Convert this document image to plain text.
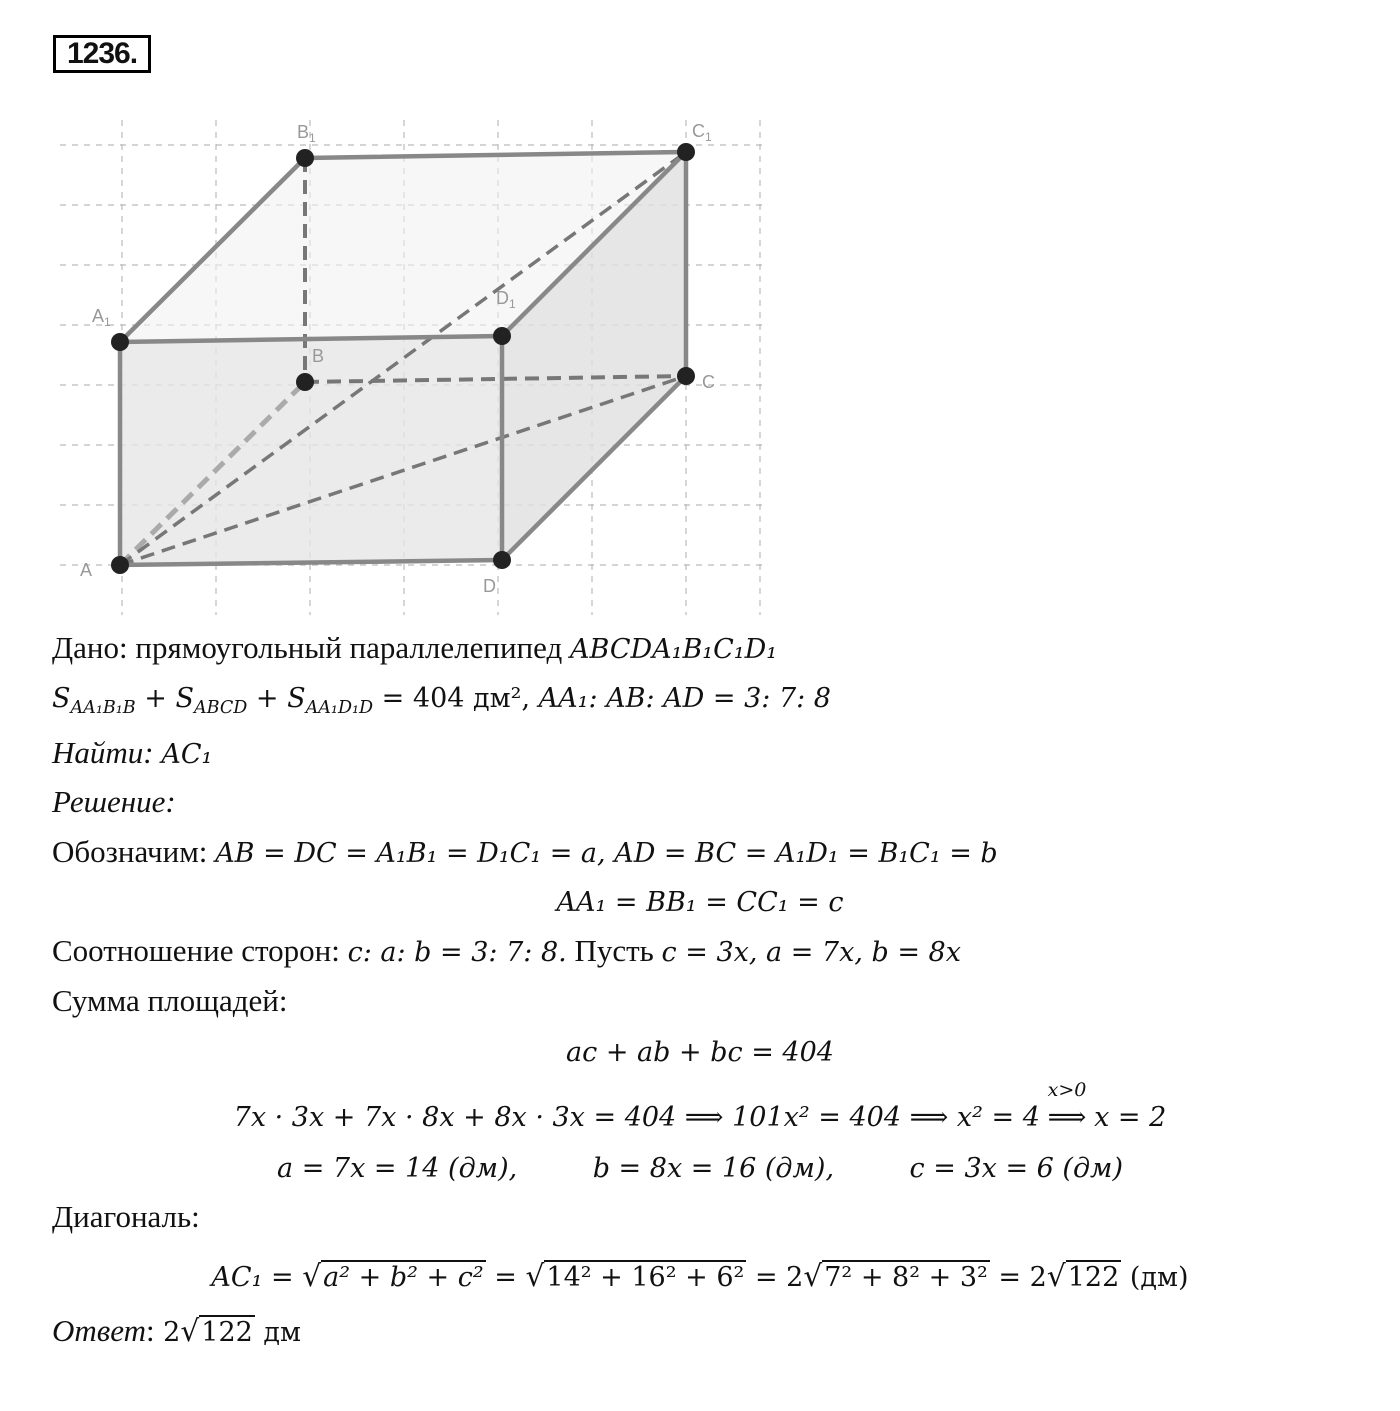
1236.
$A_1$
$B_1$	$C_1$
$D_1$
A
B
C
D
Дано: прямоугольный параллелепипед ABCDA₁B₁C₁D₁
$S_{AA_1B_1B} + S_{ABCD} + S_{AA_1D_1D} = 404$ дм², AA₁: AB: AD = 3: 7: 8
Найти: AC₁
Решение:
Обозначим: AB = DC = A₁B₁ = D₁C₁ = a, AD = BC = A₁D₁ = B₁C₁ = b
AA₁ = BB₁ = CC₁ = c
Соотношение сторон: c: a: b = 3: 7: 8. Пусть c = 3x, a = 7x, b = 8x
Сумма площадей:
ac + ab + bc = 404
7x · 3x + 7x · 8x + 8x · 3x = 404 ⟹ 101x² = 404 ⟹ x² = 4
x>0
⟹ x = 2
a = 7x = 14 (дм),	b = 8x = 16 (дм),	c = 3x = 6 (дм)
Диагональ:
AC₁ = √a² + b² + c² = √14² + 16² + 6² = 2√7² + 8² + 3² = 2√122 (дм)
Ответ: 2√122 дм
